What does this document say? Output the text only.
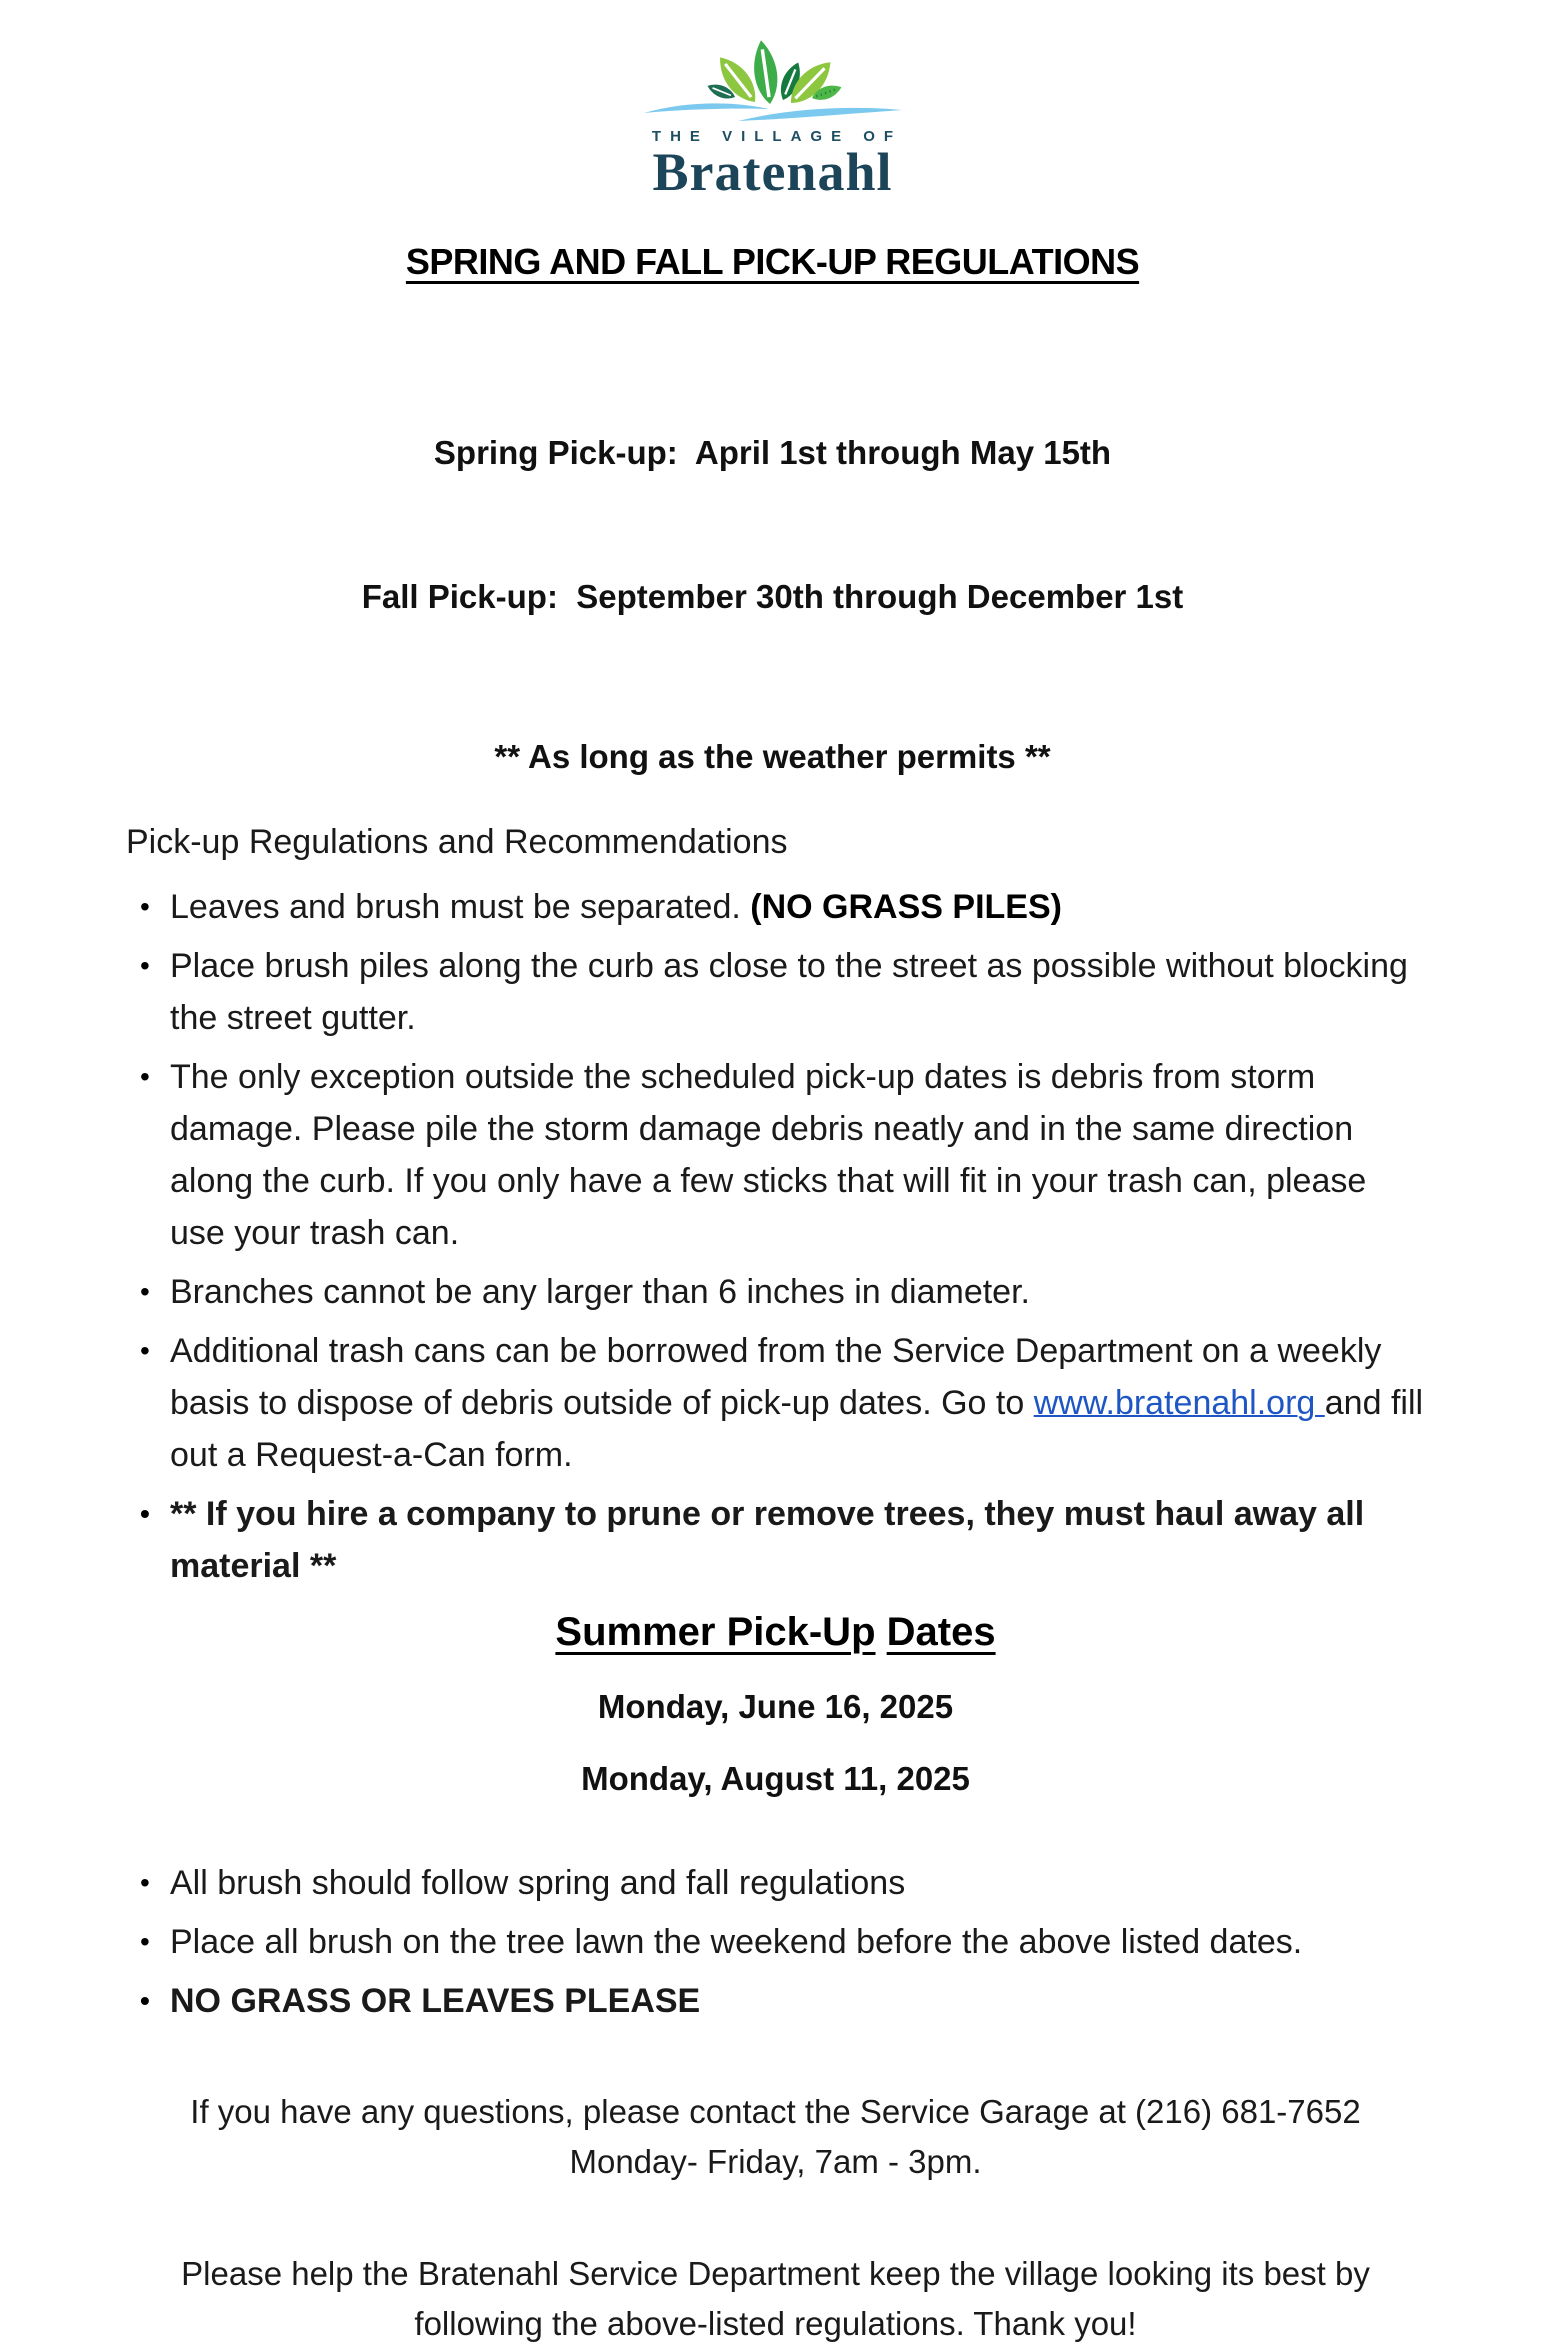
THE VILLAGE OF
Bratenahl
SPRING AND FALL PICK-UP REGULATIONS

Spring Pick-up:  April 1st through May 15th

Fall Pick-up:  September 30th through December 1st

** As long as the weather permits **
Pick-up Regulations and Recommendations
• Leaves and brush must be separated. (NO GRASS PILES)
• Place brush piles along the curb as close to the street as possible without blocking the street gutter.
• The only exception outside the scheduled pick-up dates is debris from storm damage. Please pile the storm damage debris neatly and in the same direction along the curb. If you only have a few sticks that will fit in your trash can, please use your trash can.
• Branches cannot be any larger than 6 inches in diameter.
• Additional trash cans can be borrowed from the Service Department on a weekly basis to dispose of debris outside of pick-up dates. Go to www.bratenahl.org and fill out a Request-a-Can form.
• ** If you hire a company to prune or remove trees, they must haul away all material **
Summer Pick-Up Dates
Monday, June 16, 2025
Monday, August 11, 2025
• All brush should follow spring and fall regulations
• Place all brush on the tree lawn the weekend before the above listed dates.
• NO GRASS OR LEAVES PLEASE
If you have any questions, please contact the Service Garage at (216) 681-7652
Monday- Friday, 7am - 3pm.
Please help the Bratenahl Service Department keep the village looking its best by
following the above-listed regulations. Thank you!
